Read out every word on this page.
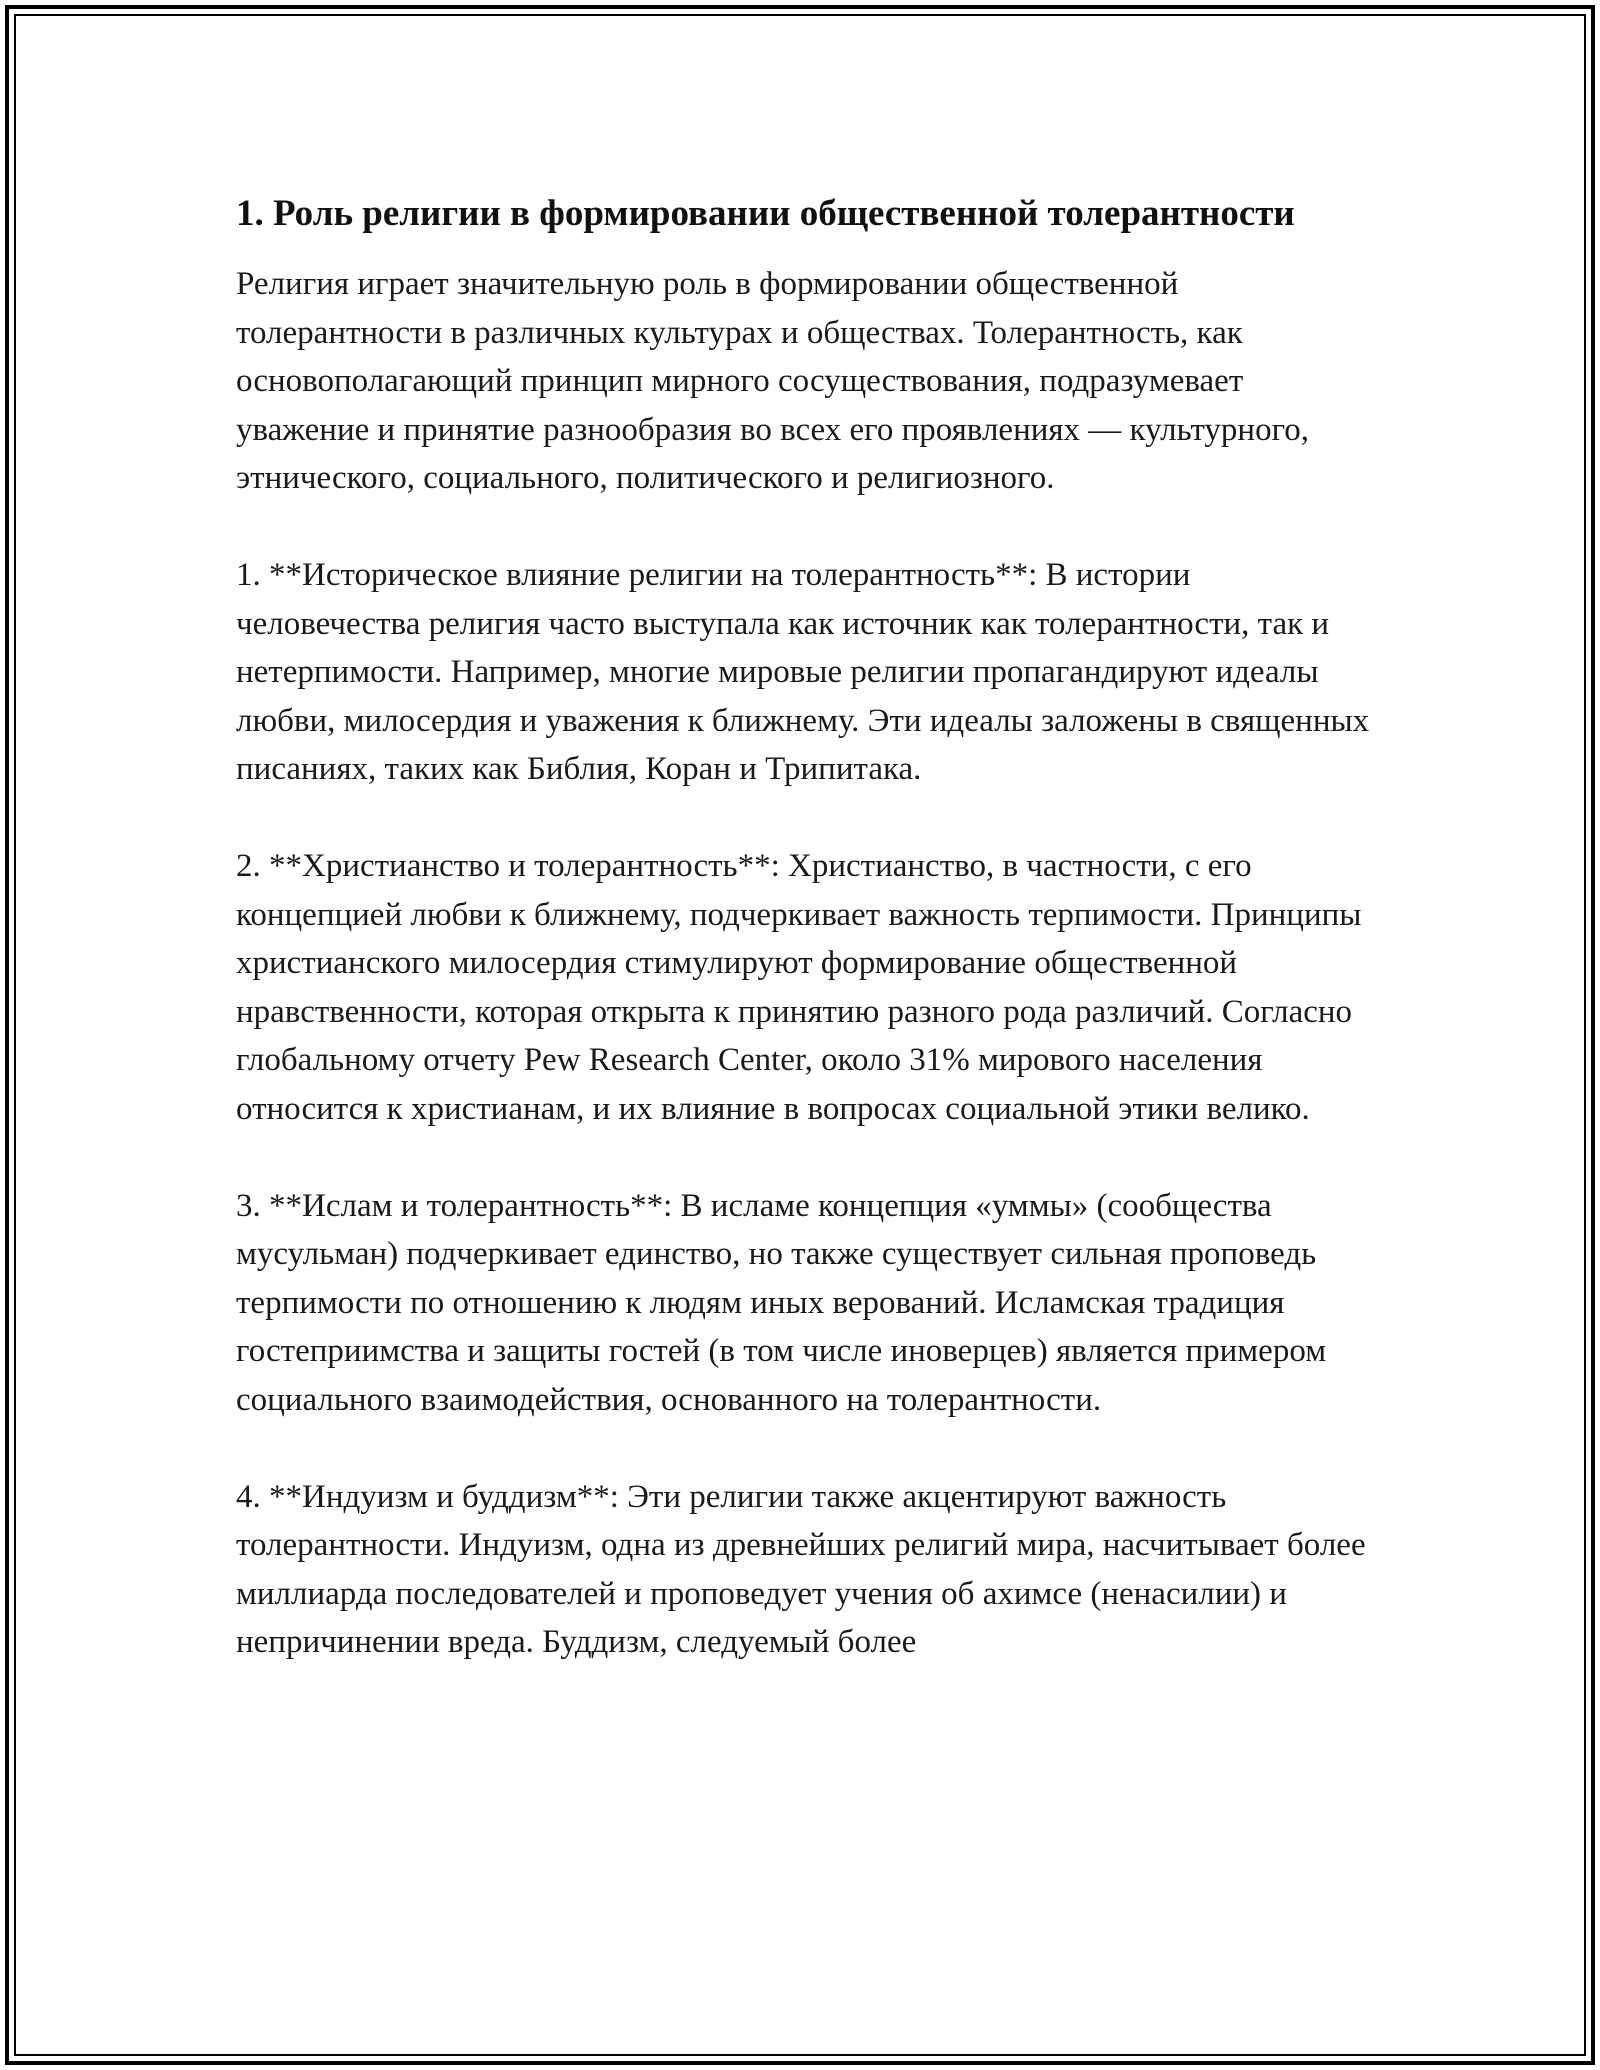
1. Роль религии в формировании общественной толерантности

Религия играет значительную роль в формировании общественной толерантности в различных культурах и обществах. Толерантность, как основополагающий принцип мирного сосуществования, подразумевает уважение и принятие разнообразия во всех его проявлениях — культурного, этнического, социального, политического и религиозного.

1. **Историческое влияние религии на толерантность**: В истории человечества религия часто выступала как источник как толерантности, так и нетерпимости. Например, многие мировые религии пропагандируют идеалы любви, милосердия и уважения к ближнему. Эти идеалы заложены в священных писаниях, таких как Библия, Коран и Трипитака.

2. **Христианство и толерантность**: Христианство, в частности, с его концепцией любви к ближнему, подчеркивает важность терпимости. Принципы христианского милосердия стимулируют формирование общественной нравственности, которая открыта к принятию разного рода различий. Согласно глобальному отчету Pew Research Center, около 31% мирового населения относится к христианам, и их влияние в вопросах социальной этики велико.

3. **Ислам и толерантность**: В исламе концепция «уммы» (сообщества мусульман) подчеркивает единство, но также существует сильная проповедь терпимости по отношению к людям иных верований. Исламская традиция гостеприимства и защиты гостей (в том числе иноверцев) является примером социального взаимодействия, основанного на толерантности.

4. **Индуизм и буддизм**: Эти религии также акцентируют важность толерантности. Индуизм, одна из древнейших религий мира, насчитывает более миллиарда последователей и проповедует учения об ахимсе (ненасилии) и непричинении вреда. Буддизм, следуемый более
